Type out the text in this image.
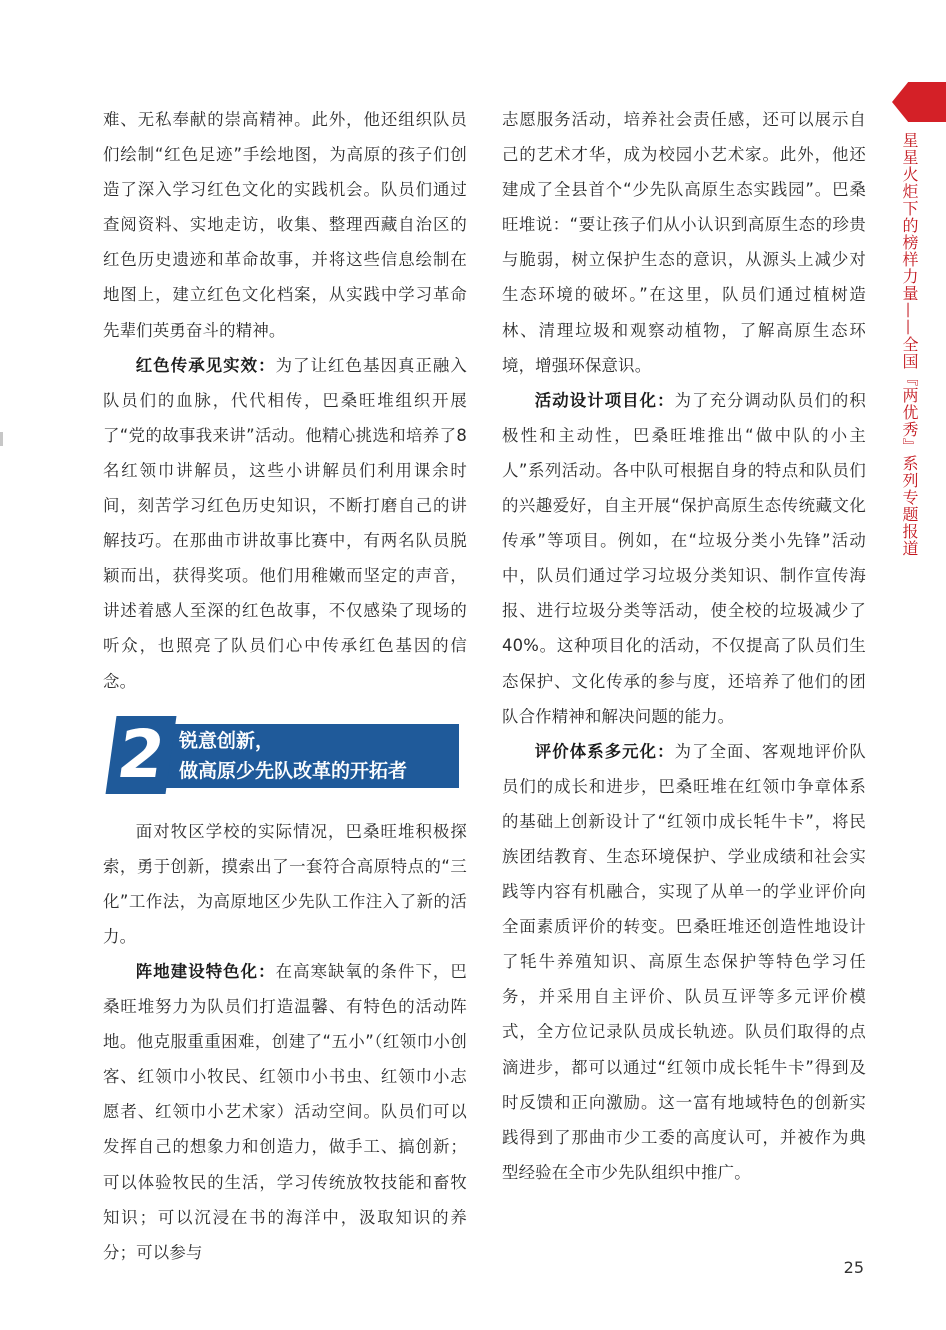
星星火炬下的榜样力量——全国『两优秀』系列专题报道

难、无私奉献的崇高精神。此外，他还组织队员们绘制“红色足迹”手绘地图，为高原的孩子们创造了深入学习红色文化的实践机会。队员们通过查阅资料、实地走访，收集、整理西藏自治区的红色历史遗迹和革命故事，并将这些信息绘制在地图上，建立红色文化档案，从实践中学习革命先辈们英勇奋斗的精神。

红色传承见实效：为了让红色基因真正融入队员们的血脉，代代相传，巴桑旺堆组织开展了“党的故事我来讲”活动。他精心挑选和培养了8名红领巾讲解员，这些小讲解员们利用课余时间，刻苦学习红色历史知识，不断打磨自己的讲解技巧。在那曲市讲故事比赛中，有两名队员脱颖而出，获得奖项。他们用稚嫩而坚定的声音，讲述着感人至深的红色故事，不仅感染了现场的听众，也照亮了队员们心中传承红色基因的信念。

2 锐意创新，
做高原少先队改革的开拓者

面对牧区学校的实际情况，巴桑旺堆积极探索，勇于创新，摸索出了一套符合高原特点的“三化”工作法，为高原地区少先队工作注入了新的活力。

阵地建设特色化：在高寒缺氧的条件下，巴桑旺堆努力为队员们打造温馨、有特色的活动阵地。他克服重重困难，创建了“五小”（红领巾小创客、红领巾小牧民、红领巾小书虫、红领巾小志愿者、红领巾小艺术家）活动空间。队员们可以发挥自己的想象力和创造力，做手工、搞创新；可以体验牧民的生活，学习传统放牧技能和畜牧知识；可以沉浸在书的海洋中，汲取知识的养分；可以参与

志愿服务活动，培养社会责任感，还可以展示自己的艺术才华，成为校园小艺术家。此外，他还建成了全县首个“少先队高原生态实践园”。巴桑旺堆说：“要让孩子们从小认识到高原生态的珍贵与脆弱，树立保护生态的意识，从源头上减少对生态环境的破坏。”在这里，队员们通过植树造林、清理垃圾和观察动植物，了解高原生态环境，增强环保意识。

活动设计项目化：为了充分调动队员们的积极性和主动性，巴桑旺堆推出“做中队的小主人”系列活动。各中队可根据自身的特点和队员们的兴趣爱好，自主开展“保护高原生态传统藏文化传承”等项目。例如，在“垃圾分类小先锋”活动中，队员们通过学习垃圾分类知识、制作宣传海报、进行垃圾分类等活动，使全校的垃圾减少了40%。这种项目化的活动，不仅提高了队员们生态保护、文化传承的参与度，还培养了他们的团队合作精神和解决问题的能力。

评价体系多元化：为了全面、客观地评价队员们的成长和进步，巴桑旺堆在红领巾争章体系的基础上创新设计了“红领巾成长牦牛卡”，将民族团结教育、生态环境保护、学业成绩和社会实践等内容有机融合，实现了从单一的学业评价向全面素质评价的转变。巴桑旺堆还创造性地设计了牦牛养殖知识、高原生态保护等特色学习任务，并采用自主评价、队员互评等多元评价模式，全方位记录队员成长轨迹。队员们取得的点滴进步，都可以通过“红领巾成长牦牛卡”得到及时反馈和正向激励。这一富有地域特色的创新实践得到了那曲市少工委的高度认可，并被作为典型经验在全市少先队组织中推广。

25
